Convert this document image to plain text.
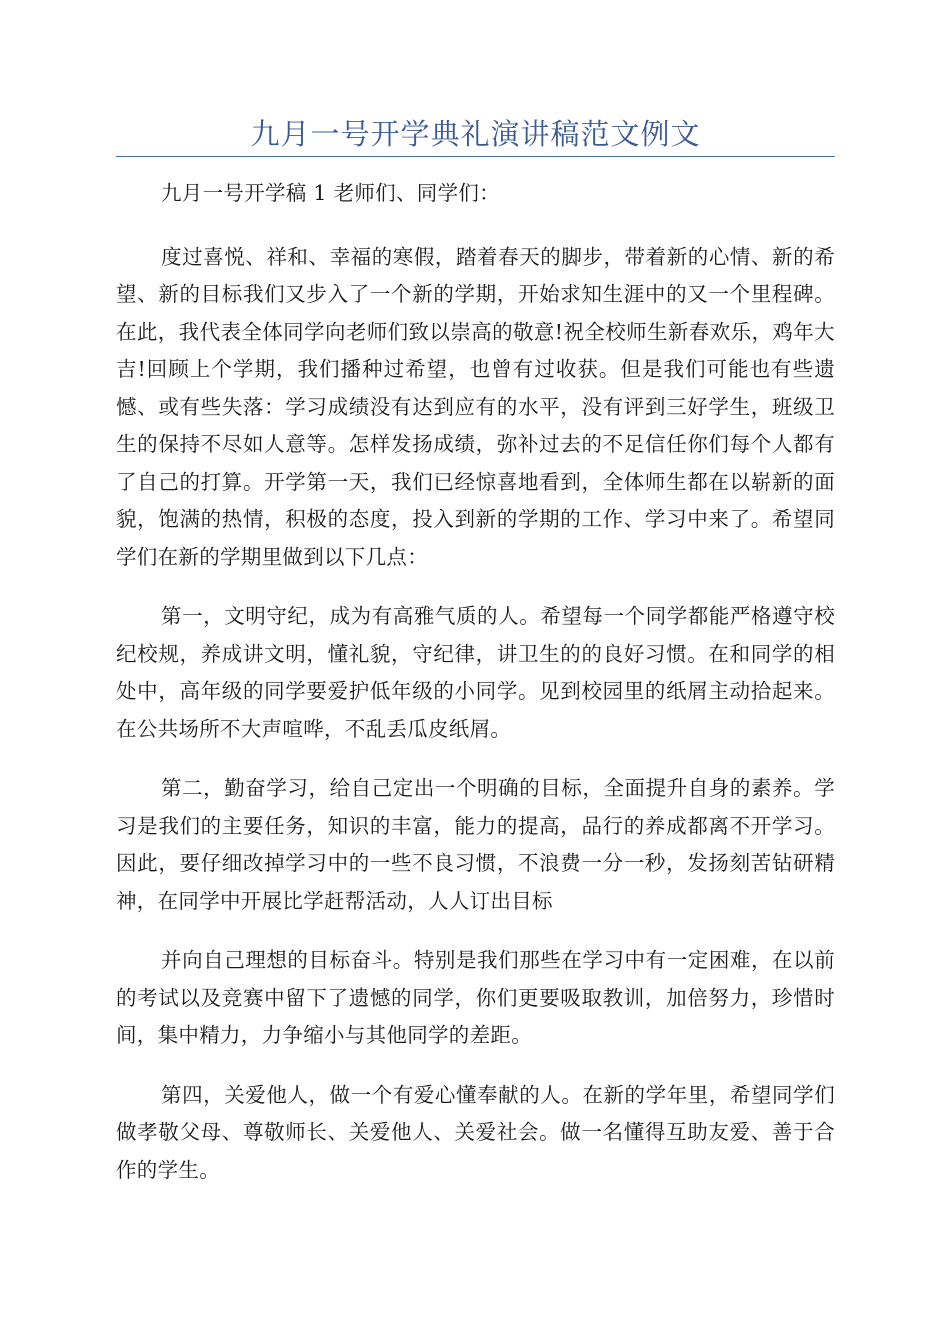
九月一号开学典礼演讲稿范文例文

九月一号开学稿 1 老师们、同学们：

度过喜悦、祥和、幸福的寒假，踏着春天的脚步，带着新的心情、新的希望、新的目标我们又步入了一个新的学期，开始求知生涯中的又一个里程碑。在此，我代表全体同学向老师们致以崇高的敬意!祝全校师生新春欢乐，鸡年大吉!回顾上个学期，我们播种过希望，也曾有过收获。但是我们可能也有些遗憾、或有些失落：学习成绩没有达到应有的水平，没有评到三好学生，班级卫生的保持不尽如人意等。怎样发扬成绩，弥补过去的不足信任你们每个人都有了自己的打算。开学第一天，我们已经惊喜地看到，全体师生都在以崭新的面貌，饱满的热情，积极的态度，投入到新的学期的工作、学习中来了。希望同学们在新的学期里做到以下几点：

第一，文明守纪，成为有高雅气质的人。希望每一个同学都能严格遵守校纪校规，养成讲文明，懂礼貌，守纪律，讲卫生的的良好习惯。在和同学的相处中，高年级的同学要爱护低年级的小同学。见到校园里的纸屑主动拾起来。在公共场所不大声喧哗，不乱丢瓜皮纸屑。

第二，勤奋学习，给自己定出一个明确的目标，全面提升自身的素养。学习是我们的主要任务，知识的丰富，能力的提高，品行的养成都离不开学习。因此，要仔细改掉学习中的一些不良习惯，不浪费一分一秒，发扬刻苦钻研精神，在同学中开展比学赶帮活动，人人订出目标

并向自己理想的目标奋斗。特别是我们那些在学习中有一定困难，在以前的考试以及竞赛中留下了遗憾的同学，你们更要吸取教训，加倍努力，珍惜时间，集中精力，力争缩小与其他同学的差距。

第四，关爱他人，做一个有爱心懂奉献的人。在新的学年里，希望同学们做孝敬父母、尊敬师长、关爱他人、关爱社会。做一名懂得互助友爱、善于合作的学生。
